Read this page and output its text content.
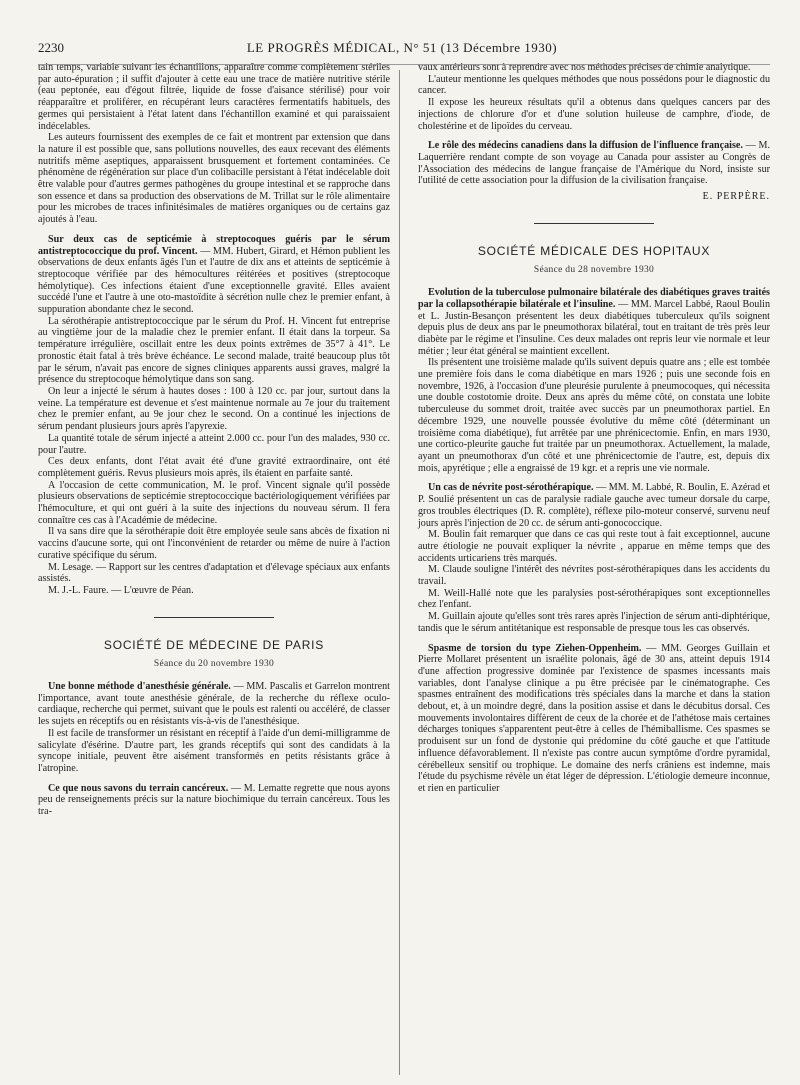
2230	LE PROGRÈS MÉDICAL, N° 51 (13 Décembre 1930)

tain temps, variable suivant les échantillons, apparaître comme complètement stériles par auto-épuration ; il suffit d'ajouter à cette eau une trace de matière nutritive stérile (eau peptonée, eau d'égout filtrée, liquide de fosse d'aisance stérilisé) pour voir réapparaître et proliférer, en récupérant leurs caractères fermentatifs habituels, des germes qui persistaient à l'état latent dans l'échantillon examiné et qui paraissaient indécelables.

Les auteurs fournissent des exemples de ce fait et montrent par extension que dans la nature il est possible que, sans pollutions nouvelles, des eaux recevant des éléments nutritifs même aseptiques, apparaissent brusquement et fortement contaminées. Ce phénomène de régénération sur place d'un colibacille persistant à l'état indécelable doit être valable pour d'autres germes pathogènes du groupe intestinal et se rapproche dans son essence et dans sa production des observations de M. Trillat sur le rôle alimentaire pour les microbes de traces infinitésimales de matières organiques ou de certains gaz ajoutés à l'eau.

Sur deux cas de septicémie à streptocoques guéris par le sérum antistreptococcique du prof. Vincent. — MM. Hubert, Girard, et Hémon publient les observations de deux enfants âgés l'un et l'autre de dix ans et atteints de septicémie à streptocoque vérifiée par des hémocultures réitérées et positives (streptocoque hémolytique). Ces infections étaient d'une exceptionnelle gravité. Elles avaient succédé l'une et l'autre à une oto-mastoïdite à sécrétion nulle chez le premier enfant, à suppuration abondante chez le second.

La sérothérapie antistreptococcique par le sérum du Prof. H. Vincent fut entreprise au vingtième jour de la maladie chez le premier enfant. Il était dans la torpeur. Sa température irrégulière, oscillait entre les deux points extrêmes de 35°7 à 41°. Le pronostic était fatal à très brève échéance. Le second malade, traité beaucoup plus tôt par le sérum, n'avait pas encore de signes cliniques apparents aussi graves, malgré la présence du streptocoque hémolytique dans son sang.

On leur a injecté le sérum à hautes doses : 100 à 120 cc. par jour, surtout dans la veine. La température est devenue et s'est maintenue normale au 7e jour du traitement chez le premier enfant, au 9e jour chez le second. On a continué les injections de sérum pendant plusieurs jours après l'apyrexie.

La quantité totale de sérum injecté a atteint 2.000 cc. pour l'un des malades, 930 cc. pour l'autre.

Ces deux enfants, dont l'état avait été d'une gravité extraordinaire, ont été complètement guéris. Revus plusieurs mois après, ils étaient en parfaite santé.

A l'occasion de cette communication, M. le prof. Vincent signale qu'il possède plusieurs observations de septicémie streptococcique bactériologiquement vérifiées par l'hémoculture, et qui ont guéri à la suite des injections du nouveau sérum. Il fera connaître ces cas à l'Académie de médecine.

Il va sans dire que la sérothérapie doit être employée seule sans abcès de fixation ni vaccins d'aucune sorte, qui ont l'inconvénient de retarder ou même de nuire à l'action curative spécifique du sérum.

M. Lesage. — Rapport sur les centres d'adaptation et d'élevage spéciaux aux enfants assistés.

M. J.-L. Faure. — L'œuvre de Péan.

SOCIÉTÉ DE MÉDECINE DE PARIS
Séance du 20 novembre 1930

Une bonne méthode d'anesthésie générale. — MM. Pascalis et Garrelon montrent l'importance, avant toute anesthésie générale, de la recherche du réflexe oculo-cardiaque, recherche qui permet, suivant que le pouls est ralenti ou accéléré, de classer les sujets en réceptifs ou en résistants vis-à-vis de l'anesthésique.

Il est facile de transformer un résistant en réceptif à l'aide d'un demi-milligramme de salicylate d'ésérine. D'autre part, les grands réceptifs qui sont des candidats à la syncope initiale, peuvent être aisément transformés en petits résistants grâce à l'atropine.

Ce que nous savons du terrain cancéreux. — M. Lematte regrette que nous ayons peu de renseignements précis sur la nature biochimique du terrain cancéreux. Tous les tra-

vaux antérieurs sont à reprendre avec nos méthodes précises de chimie analytique.

L'auteur mentionne les quelques méthodes que nous possédons pour le diagnostic du cancer.

Il expose les heureux résultats qu'il a obtenus dans quelques cancers par des injections de chlorure d'or et d'une solution huileuse de camphre, d'iode, de cholestérine et de lipoïdes du cerveau.

Le rôle des médecins canadiens dans la diffusion de l'influence française. — M. Laquerrière rendant compte de son voyage au Canada pour assister au Congrès de l'Association des médecins de langue française de l'Amérique du Nord, insiste sur l'utilité de cette association pour la diffusion de la civilisation française.

E. PERPÈRE.
SOCIÉTÉ MÉDICALE DES HOPITAUX
Séance du 28 novembre 1930

Evolution de la tuberculose pulmonaire bilatérale des diabétiques graves traités par la collapsothérapie bilatérale et l'insuline. — MM. Marcel Labbé, Raoul Boulin et L. Justin-Besançon présentent les deux diabétiques tuberculeux qu'ils soignent depuis plus de deux ans par le pneumothorax bilatéral, tout en traitant de très près leur diabète par le régime et l'insuline. Ces deux malades ont repris leur vie normale et leur métier ; leur état général se maintient excellent.

Ils présentent une troisième malade qu'ils suivent depuis quatre ans ; elle est tombée une première fois dans le coma diabétique en mars 1926 ; puis une seconde fois en novembre, 1926, à l'occasion d'une pleurésie purulente à pneumocoques, qui nécessita une double costotomie droite. Deux ans après du même côté, on constata une lobite tuberculeuse du sommet droit, traitée avec succès par un pneumothorax partiel. En décembre 1929, une nouvelle poussée évolutive du même côté (déterminant un troisième coma diabétique), fut arrêtée par une phrénicectomie. Enfin, en mars 1930, une cortico-pleurite gauche fut traitée par un pneumothorax. Actuellement, la malade, ayant un pneumothorax d'un côté et une phrénicectomie de l'autre, est, depuis dix mois, apyrétique ; elle a engraissé de 19 kgr. et a repris une vie normale.

Un cas de névrite post-sérothérapique. — MM. M. Labbé, R. Boulin, E. Azérad et P. Soulié présentent un cas de paralysie radiale gauche avec tumeur dorsale du carpe, gros troubles électriques (D. R. complète), réflexe pilo-moteur conservé, survenu neuf jours après l'injection de 20 cc. de sérum anti-gonococcique.

M. Boulin fait remarquer que dans ce cas qui reste tout à fait exceptionnel, aucune autre étiologie ne pouvait expliquer la névrite , apparue en même temps que des accidents urticariens très marqués.

M. Claude souligne l'intérêt des névrites post-sérothérapiques dans les accidents du travail.

M. Weill-Hallé note que les paralysies post-sérothérapiques sont exceptionnelles chez l'enfant.

M. Guillain ajoute qu'elles sont très rares après l'injection de sérum anti-diphtérique, tandis que le sérum antitétanique est responsable de presque tous les cas observés.

Spasme de torsion du type Ziehen-Oppenheim. — MM. Georges Guillain et Pierre Mollaret présentent un israélite polonais, âgé de 30 ans, atteint depuis 1914 d'une affection progressive dominée par l'existence de spasmes incessants mais variables, dont l'analyse clinique a pu être précisée par le cinématographe. Ces spasmes entraînent des modifications très spéciales dans la marche et dans la station debout, et, à un moindre degré, dans la position assise et dans le décubitus dorsal. Ces mouvements involontaires diffèrent de ceux de la chorée et de l'athétose mais certaines décharges toniques s'apparentent peut-être à celles de l'hémiballisme. Ces spasmes se produisent sur un fond de dystonie qui prédomine du côté gauche et que l'attitude influence défavorablement. Il n'existe pas contre aucun symptôme d'ordre pyramidal, cérébelleux sensitif ou trophique. Le domaine des nerfs crâniens est indemne, mais l'étude du psychisme révèle un état léger de dépression. L'étiologie demeure inconnue, et rien en particulier
